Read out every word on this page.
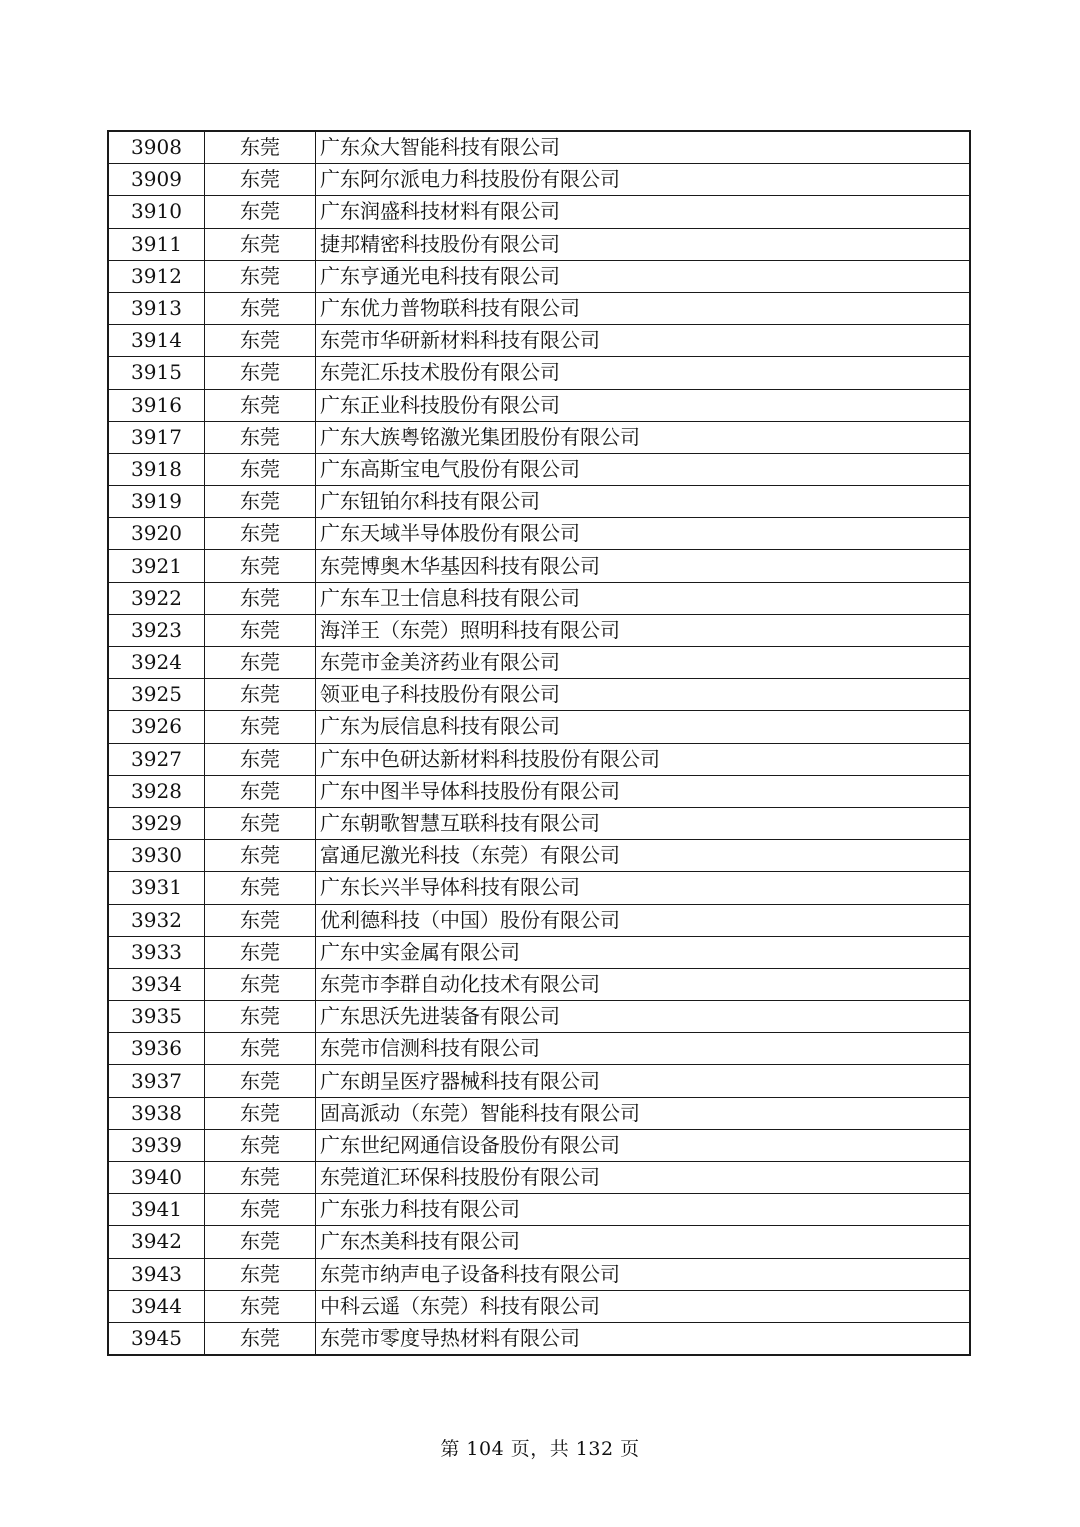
3908	东莞	广东众大智能科技有限公司
3909	东莞	广东阿尔派电力科技股份有限公司
3910	东莞	广东润盛科技材料有限公司
3911	东莞	捷邦精密科技股份有限公司
3912	东莞	广东亨通光电科技有限公司
3913	东莞	广东优力普物联科技有限公司
3914	东莞	东莞市华研新材料科技有限公司
3915	东莞	东莞汇乐技术股份有限公司
3916	东莞	广东正业科技股份有限公司
3917	东莞	广东大族粤铭激光集团股份有限公司
3918	东莞	广东高斯宝电气股份有限公司
3919	东莞	广东钮铂尔科技有限公司
3920	东莞	广东天域半导体股份有限公司
3921	东莞	东莞博奥木华基因科技有限公司
3922	东莞	广东车卫士信息科技有限公司
3923	东莞	海洋王（东莞）照明科技有限公司
3924	东莞	东莞市金美济药业有限公司
3925	东莞	领亚电子科技股份有限公司
3926	东莞	广东为辰信息科技有限公司
3927	东莞	广东中色研达新材料科技股份有限公司
3928	东莞	广东中图半导体科技股份有限公司
3929	东莞	广东朝歌智慧互联科技有限公司
3930	东莞	富通尼激光科技（东莞）有限公司
3931	东莞	广东长兴半导体科技有限公司
3932	东莞	优利德科技（中国）股份有限公司
3933	东莞	广东中实金属有限公司
3934	东莞	东莞市李群自动化技术有限公司
3935	东莞	广东思沃先进装备有限公司
3936	东莞	东莞市信测科技有限公司
3937	东莞	广东朗呈医疗器械科技有限公司
3938	东莞	固高派动（东莞）智能科技有限公司
3939	东莞	广东世纪网通信设备股份有限公司
3940	东莞	东莞道汇环保科技股份有限公司
3941	东莞	广东张力科技有限公司
3942	东莞	广东杰美科技有限公司
3943	东莞	东莞市纳声电子设备科技有限公司
3944	东莞	中科云遥（东莞）科技有限公司
3945	东莞	东莞市零度导热材料有限公司
第 104 页，共 132 页
